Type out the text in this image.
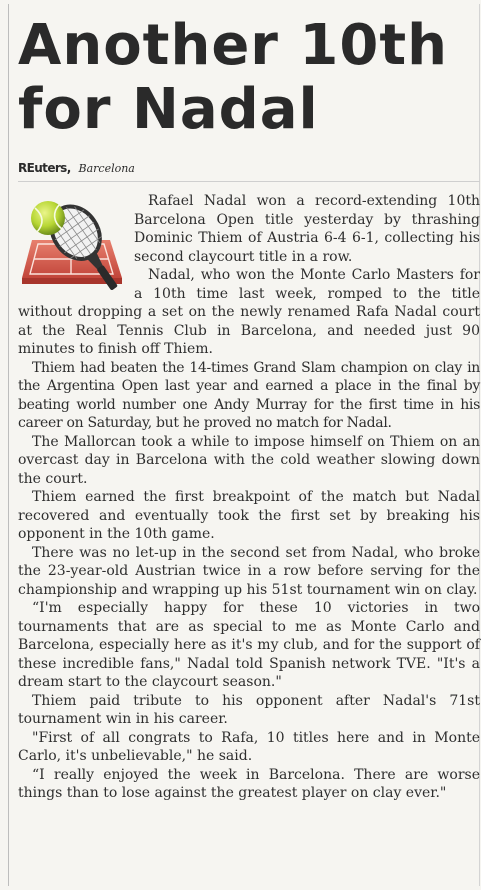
Another 10th
for Nadal
REuters, Barcelona

Rafael Nadal won a record-extending 10th Barcelona Open title yesterday by thrashing Dominic Thiem of Austria 6-4 6-1, collecting his second claycourt title in a row.

Nadal, who won the Monte Carlo Masters for a 10th time last week, romped to the title without dropping a set on the newly renamed Rafa Nadal court at the Real Tennis Club in Barcelona, and needed just 90 minutes to finish off Thiem.

Thiem had beaten the 14-times Grand Slam champion on clay in the Argentina Open last year and earned a place in the final by beating world number one Andy Murray for the first time in his career on Saturday, but he proved no match for Nadal.

The Mallorcan took a while to impose himself on Thiem on an overcast day in Barcelona with the cold weather slowing down the court.

Thiem earned the first breakpoint of the match but Nadal recovered and eventually took the first set by breaking his opponent in the 10th game.

There was no let-up in the second set from Nadal, who broke the 23-year-old Austrian twice in a row before serving for the championship and wrapping up his 51st tournament win on clay.

“I'm especially happy for these 10 victories in two tournaments that are as special to me as Monte Carlo and Barcelona, especially here as it's my club, and for the support of these incredible fans," Nadal told Spanish network TVE. "It's a dream start to the claycourt season."

Thiem paid tribute to his opponent after Nadal's 71st tournament win in his career.

"First of all congrats to Rafa, 10 titles here and in Monte Carlo, it's unbelievable," he said.

“I really enjoyed the week in Barcelona. There are worse things than to lose against the greatest player on clay ever."
